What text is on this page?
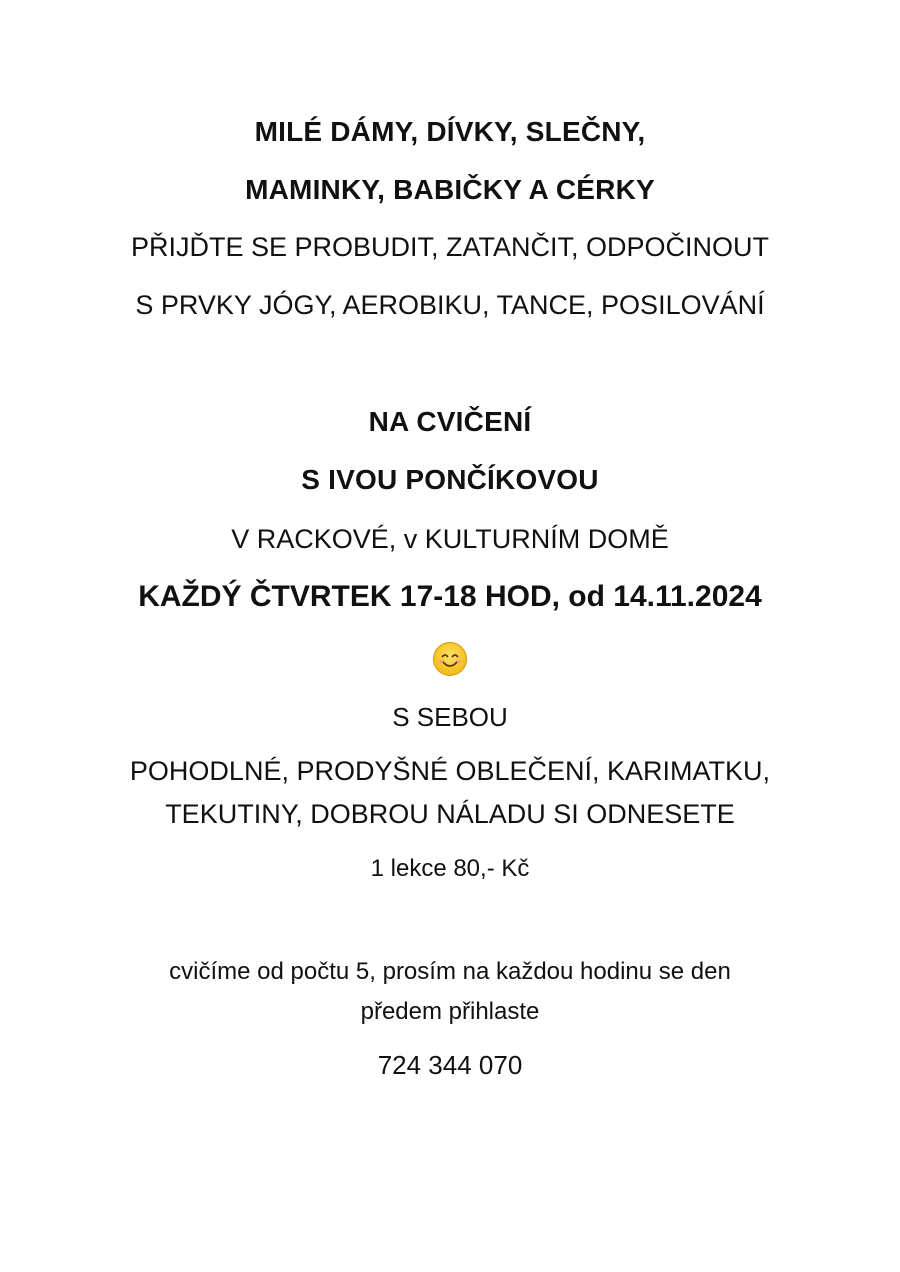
MILÉ DÁMY, DÍVKY, SLEČNY,
MAMINKY, BABIČKY A CÉRKY
PŘIJĎTE SE PROBUDIT, ZATANČIT, ODPOČINOUT
S PRVKY JÓGY, AEROBIKU, TANCE, POSILOVÁNÍ
NA CVIČENÍ
S IVOU PONČÍKOVOU
V RACKOVÉ, v KULTURNÍM DOMĚ
KAŽDÝ ČTVRTEK 17-18 HOD, od 14.11.2024
S SEBOU
POHODLNÉ, PRODYŠNÉ OBLEČENÍ, KARIMATKU,
TEKUTINY, DOBROU NÁLADU SI ODNESETE
1 lekce 80,- Kč
cvičíme od počtu 5, prosím na každou hodinu se den
předem přihlaste
724 344 070
